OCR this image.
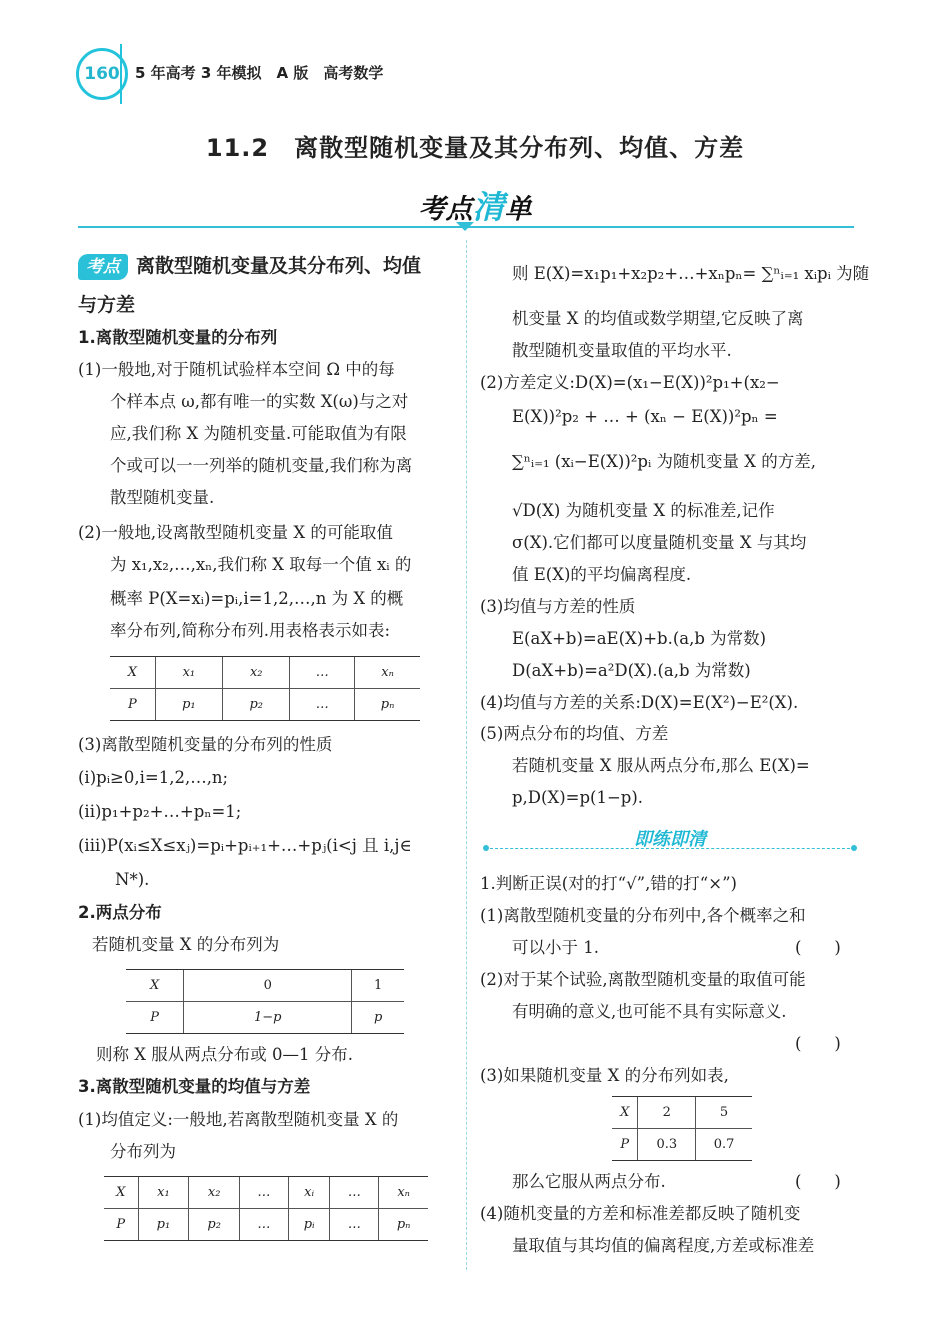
160	5 年高考 3 年模拟　A 版　高考数学
11.2　离散型随机变量及其分布列、均值、方差
考点清单
考点 离散型随机变量及其分布列、均值
与方差
1.离散型随机变量的分布列
(1)一般地,对于随机试验样本空间 Ω 中的每
个样本点 ω,都有唯一的实数 X(ω)与之对
应,我们称 X 为随机变量.可能取值为有限
个或可以一一列举的随机变量,我们称为离
散型随机变量.
(2)一般地,设离散型随机变量 X 的可能取值
为 x₁,x₂,…,xₙ,我们称 X 取每一个值 xᵢ 的
概率 P(X=xᵢ)=pᵢ,i=1,2,…,n 为 X 的概
率分布列,简称分布列.用表格表示如表:
X	x₁	x₂	…	xₙ
P	p₁	p₂	…	pₙ
(3)离散型随机变量的分布列的性质
(i)pᵢ≥0,i=1,2,…,n;
(ii)p₁+p₂+…+pₙ=1;
(iii)P(xᵢ≤X≤xⱼ)=pᵢ+pᵢ₊₁+…+pⱼ(i<j 且 i,j∈
N*).
2.两点分布
若随机变量 X 的分布列为
X	0	1
P	1−p	p
则称 X 服从两点分布或 0—1 分布.
3.离散型随机变量的均值与方差
(1)均值定义:一般地,若离散型随机变量 X 的
分布列为
X	x₁	x₂	…	xᵢ	…	xₙ
P	p₁	p₂	…	pᵢ	…	pₙ
则 E(X)=x₁p₁+x₂p₂+…+xₙpₙ= ∑ⁿᵢ₌₁ xᵢpᵢ 为随
机变量 X 的均值或数学期望,它反映了离
散型随机变量取值的平均水平.
(2)方差定义:D(X)=(x₁−E(X))²p₁+(x₂−
E(X))²p₂ + … + (xₙ − E(X))²pₙ =
∑ⁿᵢ₌₁ (xᵢ−E(X))²pᵢ 为随机变量 X 的方差,
√D(X) 为随机变量 X 的标准差,记作
σ(X).它们都可以度量随机变量 X 与其均
值 E(X)的平均偏离程度.
(3)均值与方差的性质
E(aX+b)=aE(X)+b.(a,b 为常数)
D(aX+b)=a²D(X).(a,b 为常数)
(4)均值与方差的关系:D(X)=E(X²)−E²(X).
(5)两点分布的均值、方差
若随机变量 X 服从两点分布,那么 E(X)=
p,D(X)=p(1−p).
即练即清
1.判断正误(对的打“√”,错的打“×”)
(1)离散型随机变量的分布列中,各个概率之和
可以小于 1.	(　　)
(2)对于某个试验,离散型随机变量的取值可能
有明确的意义,也可能不具有实际意义.
(　　)
(3)如果随机变量 X 的分布列如表,
X	2	5
P	0.3	0.7
那么它服从两点分布.	(　　)
(4)随机变量的方差和标准差都反映了随机变
量取值与其均值的偏离程度,方差或标准差
